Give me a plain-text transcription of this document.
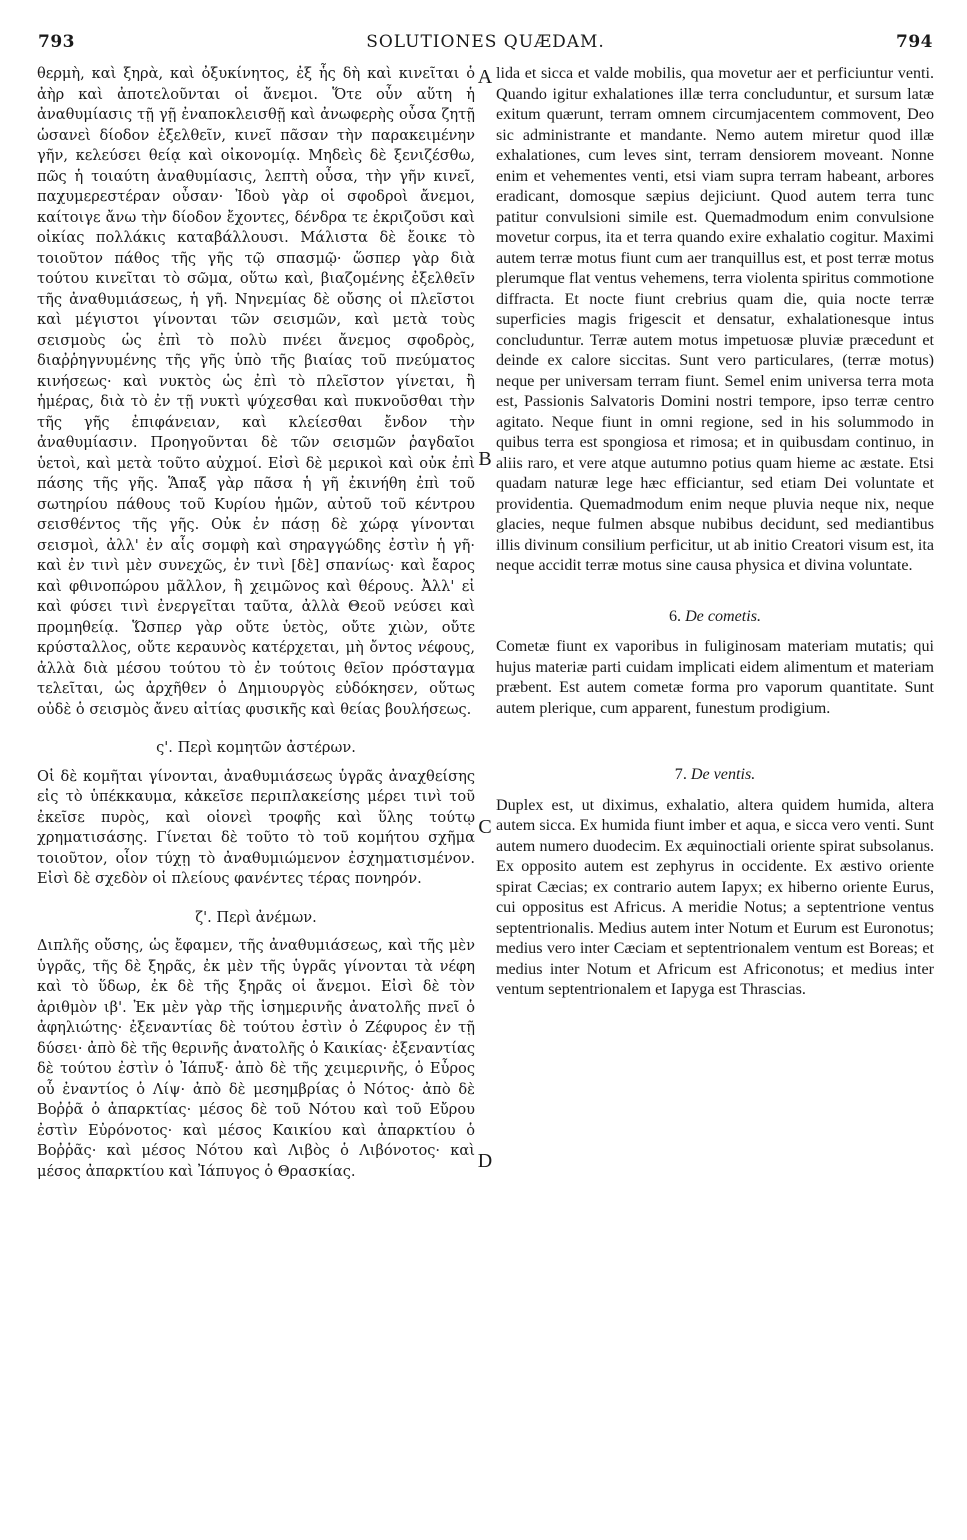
793	SOLUTIONES QUÆDAM.	794

θερμὴ, καὶ ξηρὰ, καὶ ὀξυκίνητος, ἐξ ἧς δὴ καὶ κινεῖται ὁ ἀὴρ καὶ ἀποτελοῦνται οἱ ἄνεμοι. Ὅτε οὖν αὕτη ἡ ἀναθυμίασις τῇ γῇ ἐναποκλεισθῇ καὶ ἀνωφερὴς οὖσα ζητῇ ὡσανεὶ δίοδον ἐξελθεῖν, κινεῖ πᾶσαν τὴν παρακειμένην γῆν, κελεύσει θείᾳ καὶ οἰκονομίᾳ. Μηδεὶς δὲ ξενιζέσθω, πῶς ἡ τοιαύτη ἀναθυμίασις, λεπτὴ οὖσα, τὴν γῆν κινεῖ, παχυμερεστέραν οὖσαν· Ἰδοὺ γὰρ οἱ σφοδροὶ ἄνεμοι, καίτοιγε ἄνω τὴν δίοδον ἔχοντες, δένδρα τε ἐκριζοῦσι καὶ οἰκίας πολλάκις καταβάλλουσι. Μάλιστα δὲ ἔοικε τὸ τοιοῦτον πάθος τῆς γῆς τῷ σπασμῷ· ὥσπερ γὰρ διὰ τούτου κινεῖται τὸ σῶμα, οὕτω καὶ, βιαζομένης ἐξελθεῖν τῆς ἀναθυμιάσεως, ἡ γῆ. Νηνεμίας δὲ οὔσης οἱ πλεῖστοι καὶ μέγιστοι γίνονται τῶν σεισμῶν, καὶ μετὰ τοὺς σεισμοὺς ὡς ἐπὶ τὸ πολὺ πνέει ἄνεμος σφοδρὸς, διαῤῥηγνυμένης τῆς γῆς ὑπὸ τῆς βιαίας τοῦ πνεύματος κινήσεως· καὶ νυκτὸς ὡς ἐπὶ τὸ πλεῖστον γίνεται, ἢ ἡμέρας, διὰ τὸ ἐν τῇ νυκτὶ ψύχεσθαι καὶ πυκνοῦσθαι τὴν τῆς γῆς ἐπιφάνειαν, καὶ κλείεσθαι ἔνδον τὴν ἀναθυμίασιν. Προηγοῦνται δὲ τῶν σεισμῶν ῥαγδαῖοι ὑετοὶ, καὶ μετὰ τοῦτο αὐχμοί. Εἰσὶ δὲ μερικοὶ καὶ οὐκ ἐπὶ πάσης τῆς γῆς. Ἅπαξ γὰρ πᾶσα ἡ γῆ ἐκινήθη ἐπὶ τοῦ σωτηρίου πάθους τοῦ Κυρίου ἡμῶν, αὐτοῦ τοῦ κέντρου σεισθέντος τῆς γῆς. Οὐκ ἐν πάσῃ δὲ χώρᾳ γίνονται σεισμοὶ, ἀλλ' ἐν αἷς σομφὴ καὶ σηραγγώδης ἐστὶν ἡ γῆ· καὶ ἐν τινὶ μὲν συνεχῶς, ἐν τινὶ [δὲ] σπανίως· καὶ ἔαρος καὶ φθινοπώρου μᾶλλον, ἢ χειμῶνος καὶ θέρους. Ἀλλ' εἰ καὶ φύσει τινὶ ἐνεργεῖται ταῦτα, ἀλλὰ Θεοῦ νεύσει καὶ προμηθείᾳ. Ὥσπερ γὰρ οὔτε ὑετὸς, οὔτε χιὼν, οὔτε κρύσταλλος, οὔτε κεραυνὸς κατέρχεται, μὴ ὄντος νέφους, ἀλλὰ διὰ μέσου τούτου τὸ ἐν τούτοις θεῖον πρόσταγμα τελεῖται, ὡς ἀρχῆθεν ὁ Δημιουργὸς εὐδόκησεν, οὕτως οὐδὲ ὁ σεισμὸς ἄνευ αἰτίας φυσικῆς καὶ θείας βουλήσεως.

ς'. Περὶ κομητῶν ἀστέρων.

Οἱ δὲ κομῆται γίνονται, ἀναθυμιάσεως ὑγρᾶς ἀναχθείσης εἰς τὸ ὑπέκκαυμα, κἀκεῖσε περιπλακείσης μέρει τινὶ τοῦ ἐκεῖσε πυρὸς, καὶ οἱονεὶ τροφῆς καὶ ὕλης τούτῳ χρηματισάσης. Γίνεται δὲ τοῦτο τὸ τοῦ κομήτου σχῆμα τοιοῦτον, οἷον τύχῃ τὸ ἀναθυμιώμενον ἐσχηματισμένον. Εἰσὶ δὲ σχεδὸν οἱ πλείους φανέντες τέρας πονηρόν.

ζ'. Περὶ ἀνέμων.

Διπλῆς οὔσης, ὡς ἔφαμεν, τῆς ἀναθυμιάσεως, καὶ τῆς μὲν ὑγρᾶς, τῆς δὲ ξηρᾶς, ἐκ μὲν τῆς ὑγρᾶς γίνονται τὰ νέφη καὶ τὸ ὕδωρ, ἐκ δὲ τῆς ξηρᾶς οἱ ἄνεμοι. Εἰσὶ δὲ τὸν ἀριθμὸν ιβ'. Ἐκ μὲν γὰρ τῆς ἰσημερινῆς ἀνατολῆς πνεῖ ὁ ἀφηλιώτης· ἐξεναντίας δὲ τούτου ἐστὶν ὁ Ζέφυρος ἐν τῇ δύσει· ἀπὸ δὲ τῆς θερινῆς ἀνατολῆς ὁ Καικίας· ἐξεναντίας δὲ τούτου ἐστὶν ὁ Ἰάπυξ· ἀπὸ δὲ τῆς χειμερινῆς, ὁ Εὖρος οὗ ἐναντίος ὁ Λίψ· ἀπὸ δὲ μεσημβρίας ὁ Νότος· ἀπὸ δὲ Βοῤῥᾶ ὁ ἀπαρκτίας· μέσος δὲ τοῦ Νότου καὶ τοῦ Εὔρου ἐστὶν Εὐρόνοτος· καὶ μέσος Καικίου καὶ ἀπαρκτίου ὁ Βοῤῥᾶς· καὶ μέσος Νότου καὶ Λιβὸς ὁ Λιβόνοτος· καὶ μέσος ἀπαρκτίου καὶ Ἰάπυγος ὁ Θρασκίας.

lida et sicca et valde mobilis, qua movetur aer et perficiuntur venti. Quando igitur exhalationes illæ terra concluduntur, et sursum latæ exitum quærunt, terram omnem circumjacentem commovent, Deo sic administrante et mandante. Nemo autem miretur quod illæ exhalationes, cum leves sint, terram densiorem moveant. Nonne enim et vehementes venti, etsi viam supra terram habeant, arbores eradicant, domosque sæpius dejiciunt. Quod autem terra tunc patitur convulsioni simile est. Quemadmodum enim convulsione movetur corpus, ita et terra quando exire exhalatio cogitur. Maximi autem terræ motus fiunt cum aer tranquillus est, et post terræ motus plerumque flat ventus vehemens, terra violenta spiritus commotione diffracta. Et nocte fiunt crebrius quam die, quia nocte terræ superficies magis frigescit et densatur, exhalationesque intus concluduntur. Terræ autem motus impetuosæ pluviæ præcedunt et deinde ex calore siccitas. Sunt vero particulares, (terræ motus) neque per universam terram fiunt. Semel enim universa terra mota est, Passionis Salvatoris Domini nostri tempore, ipso terræ centro agitato. Neque fiunt in omni regione, sed in his solummodo in quibus terra est spongiosa et rimosa; et in quibusdam continuo, in aliis raro, et vere atque autumno potius quam hieme ac æstate. Etsi quadam naturæ lege hæc efficiantur, sed etiam Dei voluntate et providentia. Quemadmodum enim neque pluvia neque nix, neque glacies, neque fulmen absque nubibus decidunt, sed mediantibus illis divinum consilium perficitur, ut ab initio Creatori visum est, ita neque accidit terræ motus sine causa physica et divina voluntate.

6. De cometis.

Cometæ fiunt ex vaporibus in fuliginosam materiam mutatis; qui hujus materiæ parti cuidam implicati eidem alimentum et materiam præbent. Est autem cometæ forma pro vaporum quantitate. Sunt autem plerique, cum apparent, funestum prodigium.

7. De ventis.

Duplex est, ut diximus, exhalatio, altera quidem humida, altera autem sicca. Ex humida fiunt imber et aqua, e sicca vero venti. Sunt autem numero duodecim. Ex æquinoctiali oriente spirat subsolanus. Ex opposito autem est zephyrus in occidente. Ex æstivo oriente spirat Cæcias; ex contrario autem Iapyx; ex hiberno oriente Eurus, cui oppositus est Africus. A meridie Notus; a septentrione ventus septentrionalis. Medius autem inter Notum et Eurum est Euronotus; medius vero inter Cæciam et septentrionalem ventum est Boreas; et medius inter Notum et Africum est Africonotus; et medius inter ventum septentrionalem et Iapyga est Thrascias.

A
B
C
D
